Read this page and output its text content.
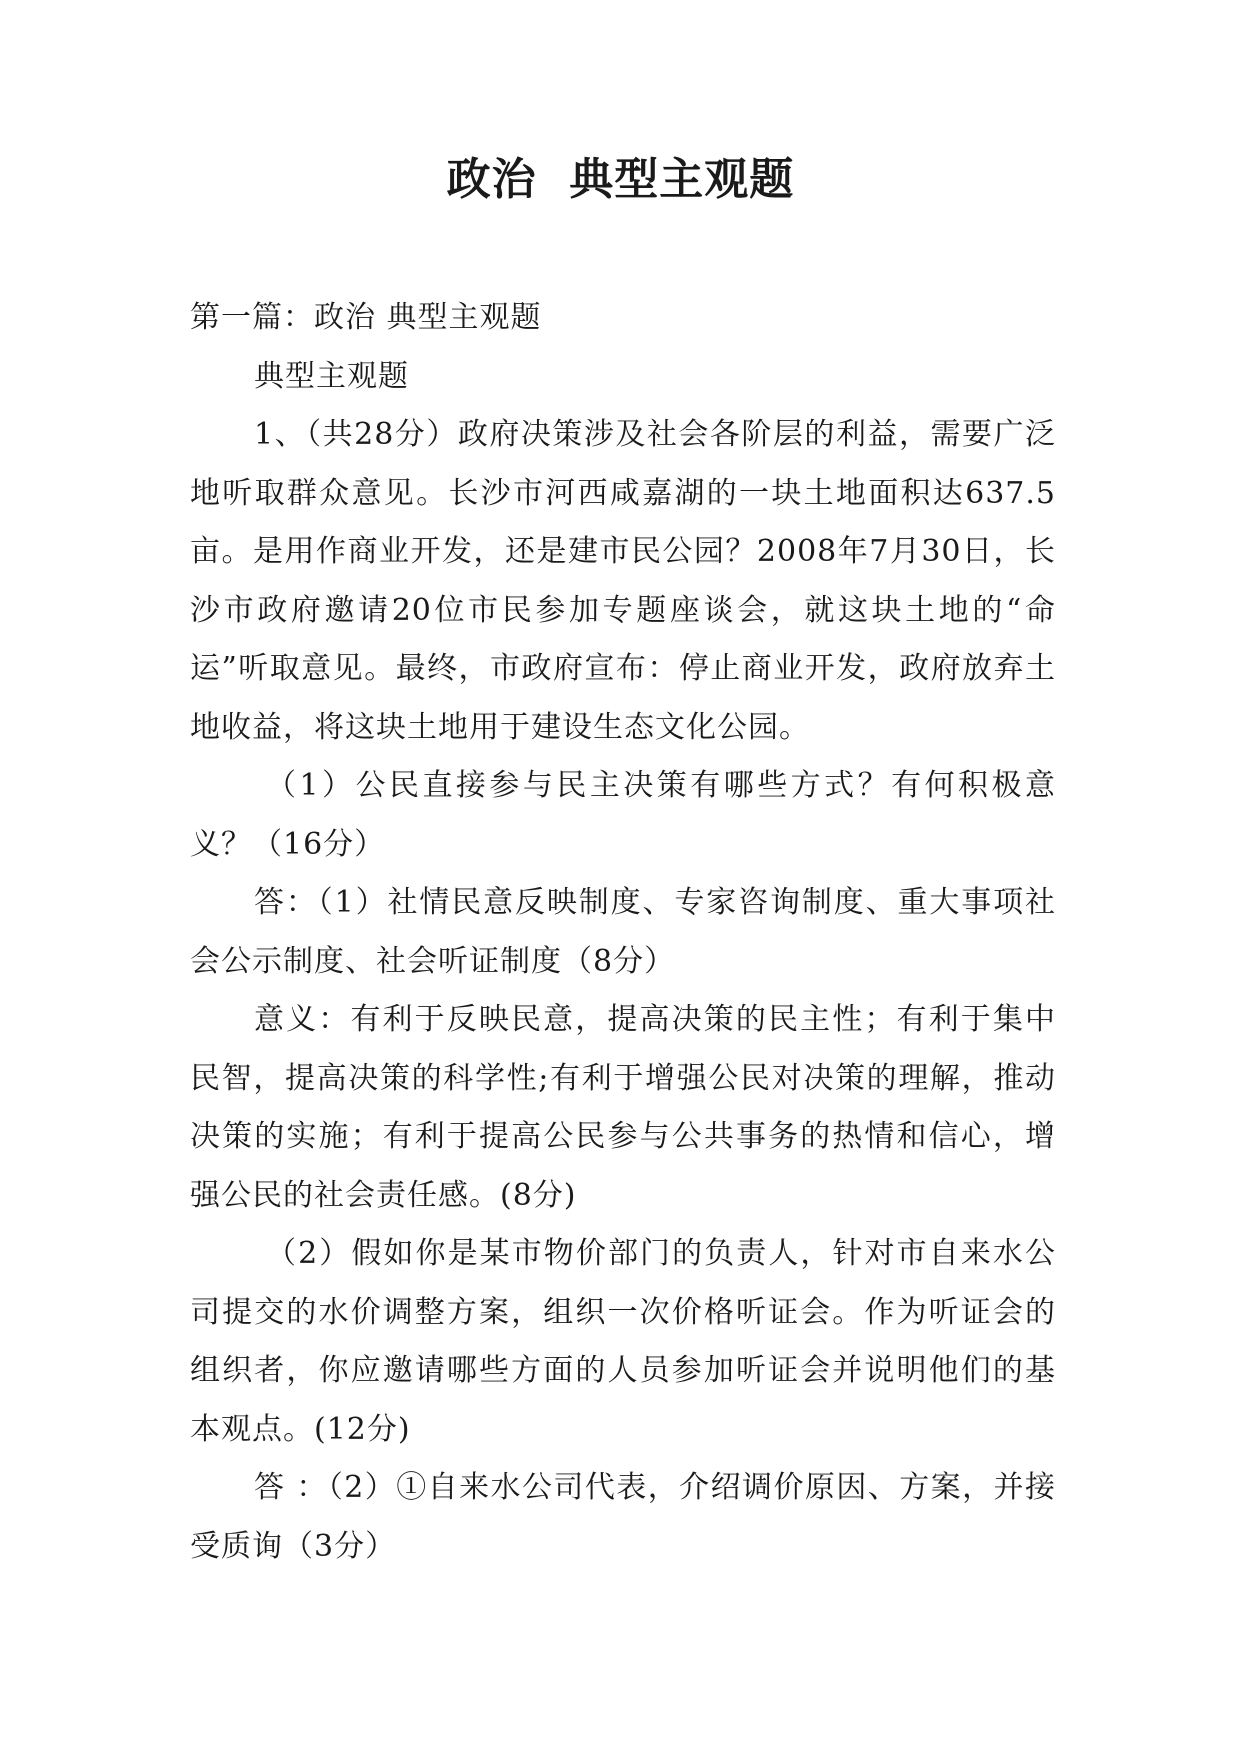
政治  典型主观题

第一篇：政治 典型主观题

典型主观题

1、（共28分）政府决策涉及社会各阶层的利益，需要广泛地听取群众意见。长沙市河西咸嘉湖的一块土地面积达637.5亩。是用作商业开发，还是建市民公园？2008年7月30日，长沙市政府邀请20位市民参加专题座谈会，就这块土地的“命运”听取意见。最终，市政府宣布：停止商业开发，政府放弃土地收益，将这块土地用于建设生态文化公园。

（1）公民直接参与民主决策有哪些方式？有何积极意义？（16分）

答：（1）社情民意反映制度、专家咨询制度、重大事项社会公示制度、社会听证制度（8分）

意义：有利于反映民意，提高决策的民主性；有利于集中民智，提高决策的科学性;有利于增强公民对决策的理解，推动决策的实施；有利于提高公民参与公共事务的热情和信心，增强公民的社会责任感。(8分)

（2）假如你是某市物价部门的负责人，针对市自来水公司提交的水价调整方案，组织一次价格听证会。作为听证会的组织者，你应邀请哪些方面的人员参加听证会并说明他们的基本观点。(12分)

答 ：（2）①自来水公司代表，介绍调价原因、方案，并接受质询（3分）
